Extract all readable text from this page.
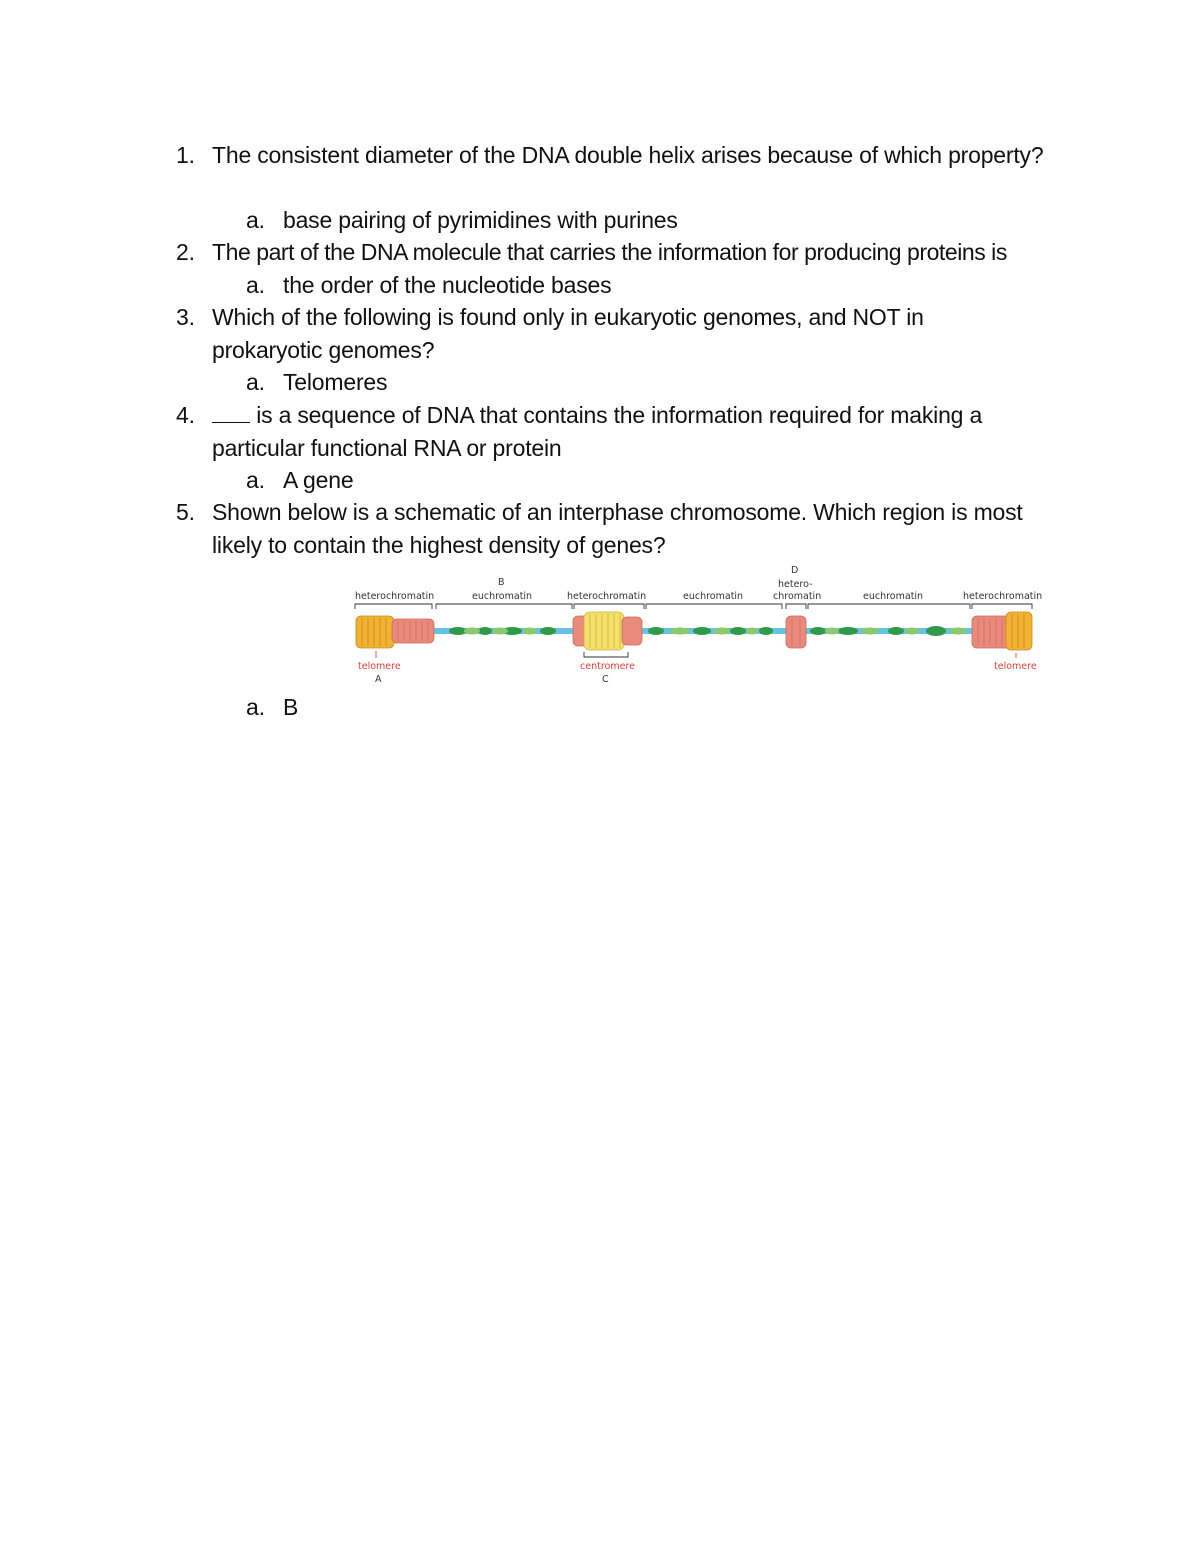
1. The consistent diameter of the DNA double helix arises because of which property?
a. base pairing of pyrimidines with purines
2. The part of the DNA molecule that carries the information for producing proteins is
a. the order of the nucleotide bases
3. Which of the following is found only in eukaryotic genomes, and NOT in prokaryotic genomes?
a. Telomeres
4.	is a sequence of DNA that contains the information required for making a particular functional RNA or protein
a. A gene
5. Shown below is a schematic of an interphase chromosome. Which region is most likely to contain the highest density of genes?
heterochromatin
B
euchromatin	heterochromatin	euchromatin
D
hetero-
chromatin	euchromatin	heterochromatin
telomere
A
centromere
C
telomere
a. B
